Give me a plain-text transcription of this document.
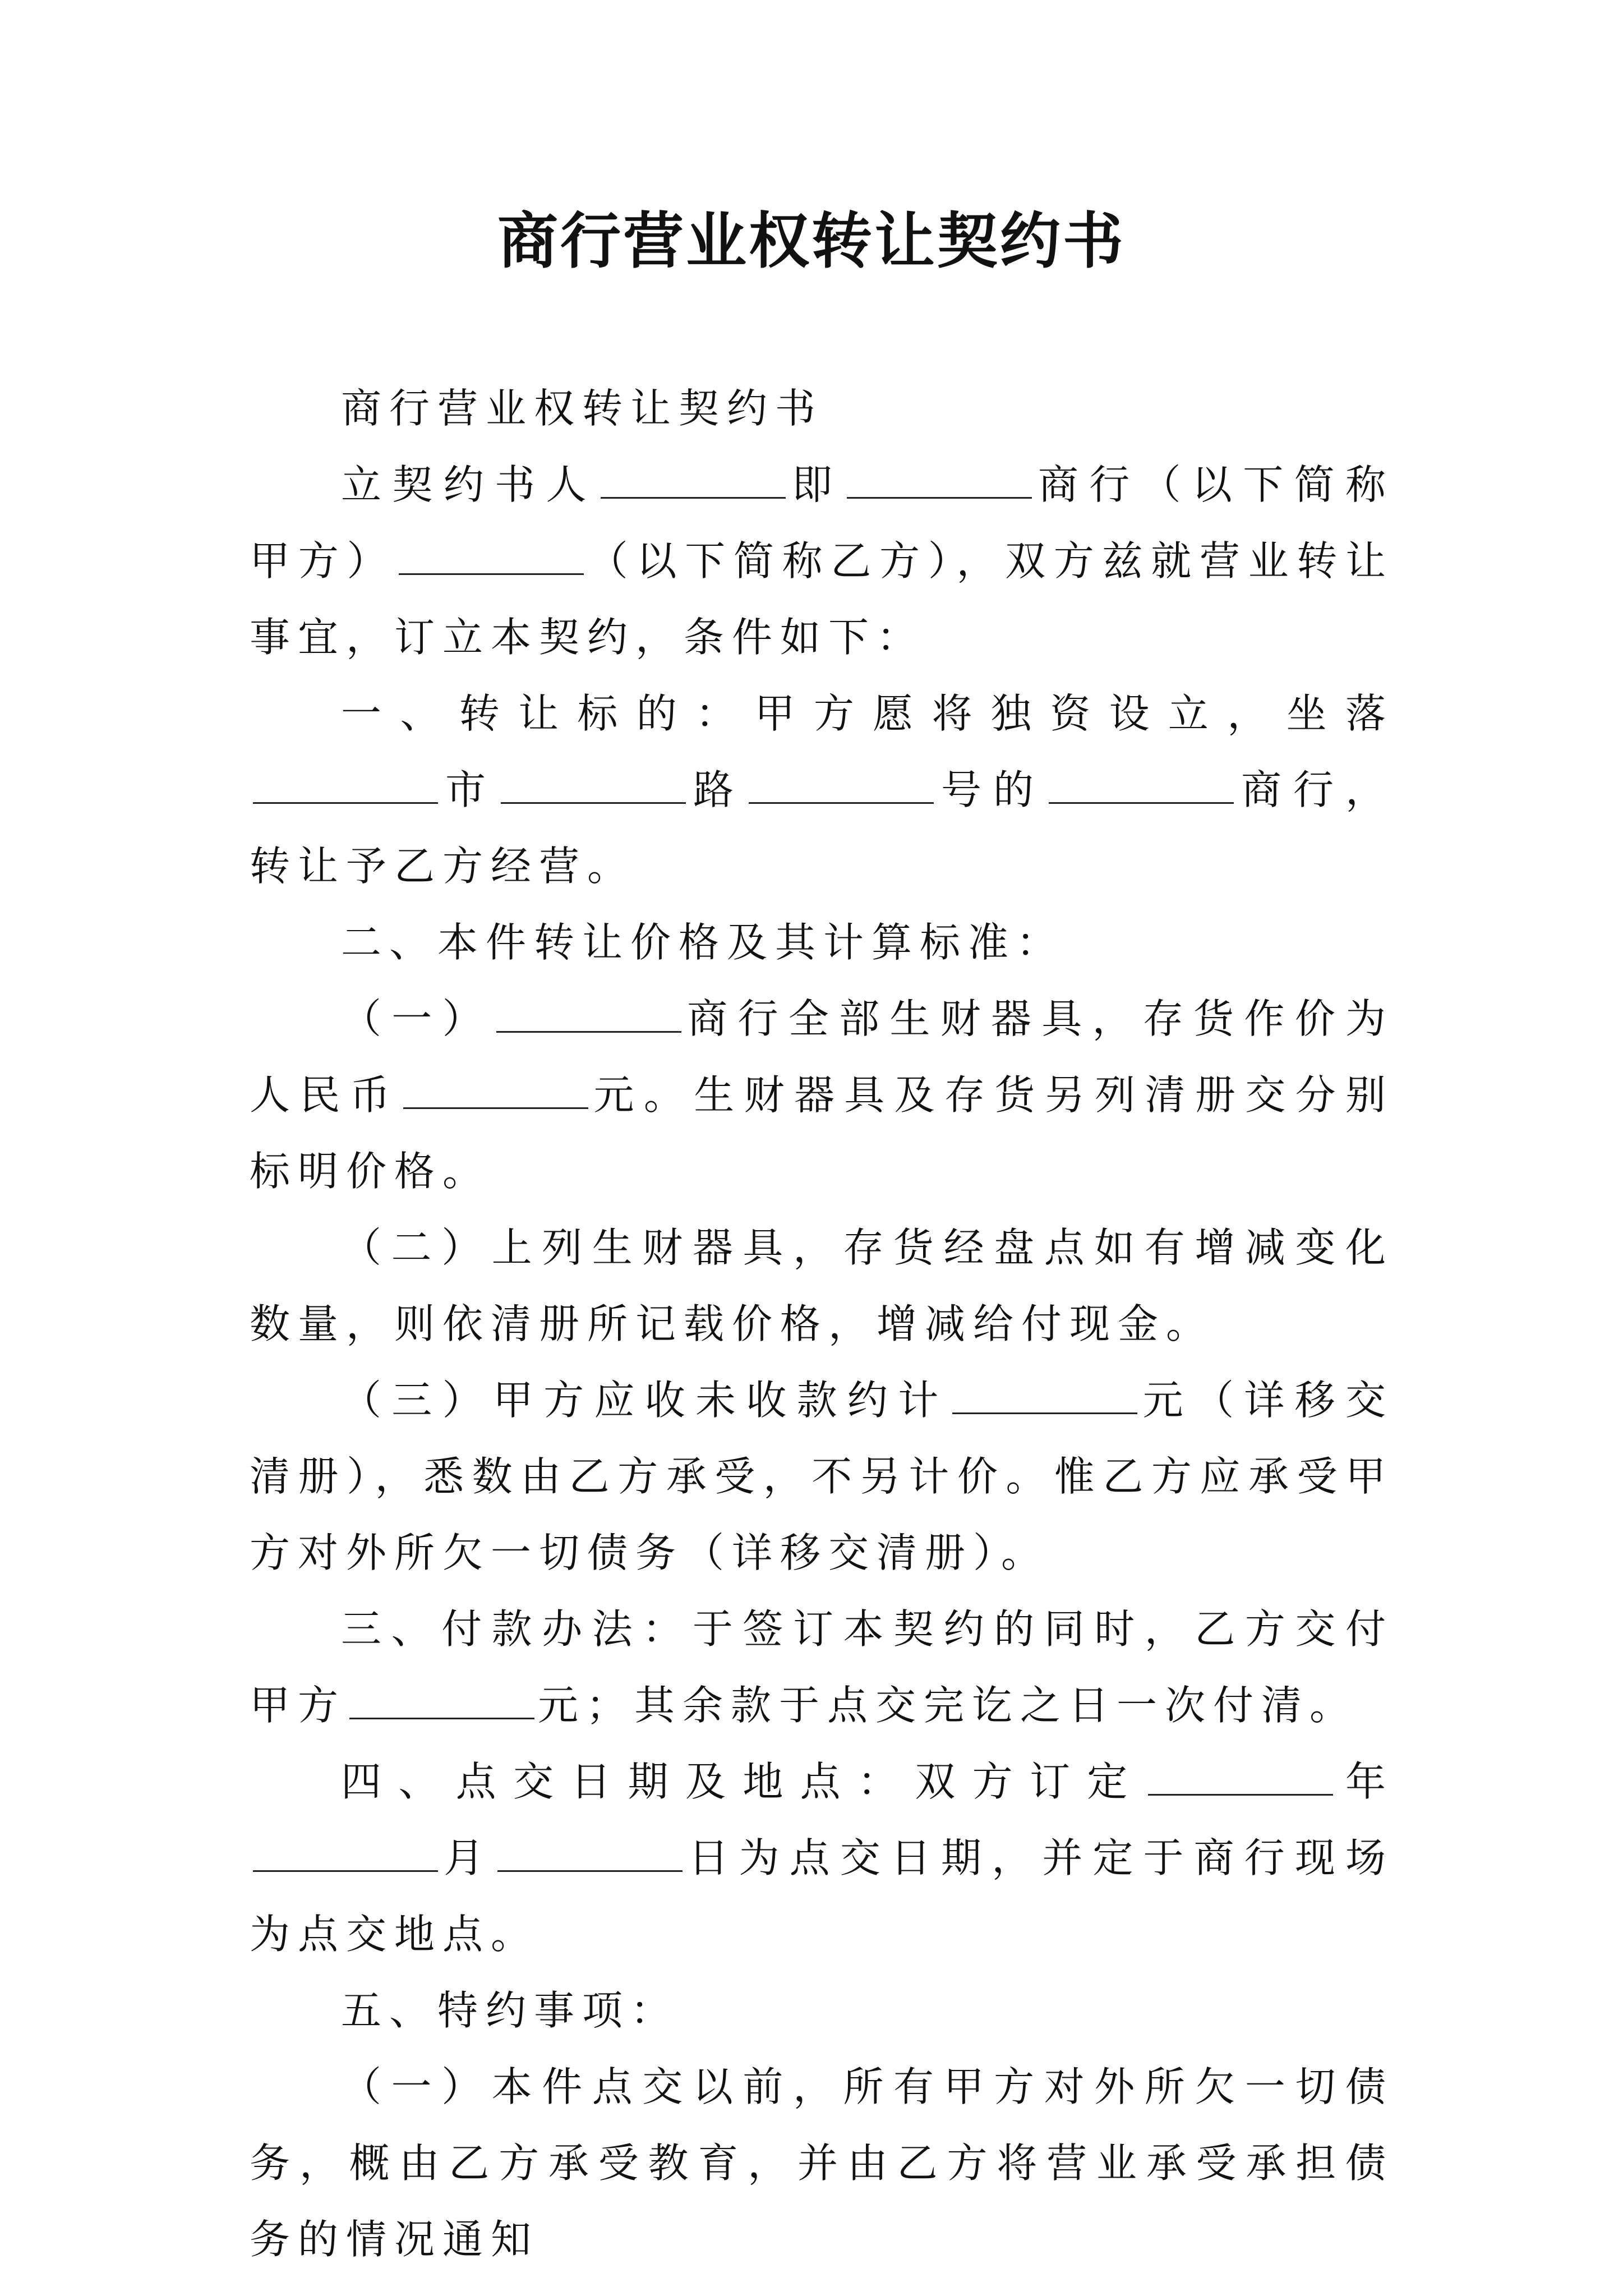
商行营业权转让契约书

商行营业权转让契约书

立契约书人	即	商行（以下简称甲方）	（以下简称乙方），双方兹就营业转让事宜，订立本契约，条件如下：

一、转让标的：甲方愿将独资设立，坐落市	路	号的	商行，转让予乙方经营。

二、本件转让价格及其计算标准：

（一）	商行全部生财器具，存货作价为人民币	元。生财器具及存货另列清册交分别标明价格。

（二）上列生财器具，存货经盘点如有增减变化数量，则依清册所记载价格，增减给付现金。

（三）甲方应收未收款约计	元（详移交清册），悉数由乙方承受，不另计价。惟乙方应承受甲方对外所欠一切债务（详移交清册）。

三、付款办法：于签订本契约的同时，乙方交付甲方	元；其余款于点交完讫之日一次付清。

四、点交日期及地点：双方订定	年月	日为点交日期，并定于商行现场为点交地点。

五、特约事项：

（一）本件点交以前，所有甲方对外所欠一切债务，概由乙方承受教育，并由乙方将营业承受承担债务的情况通知
